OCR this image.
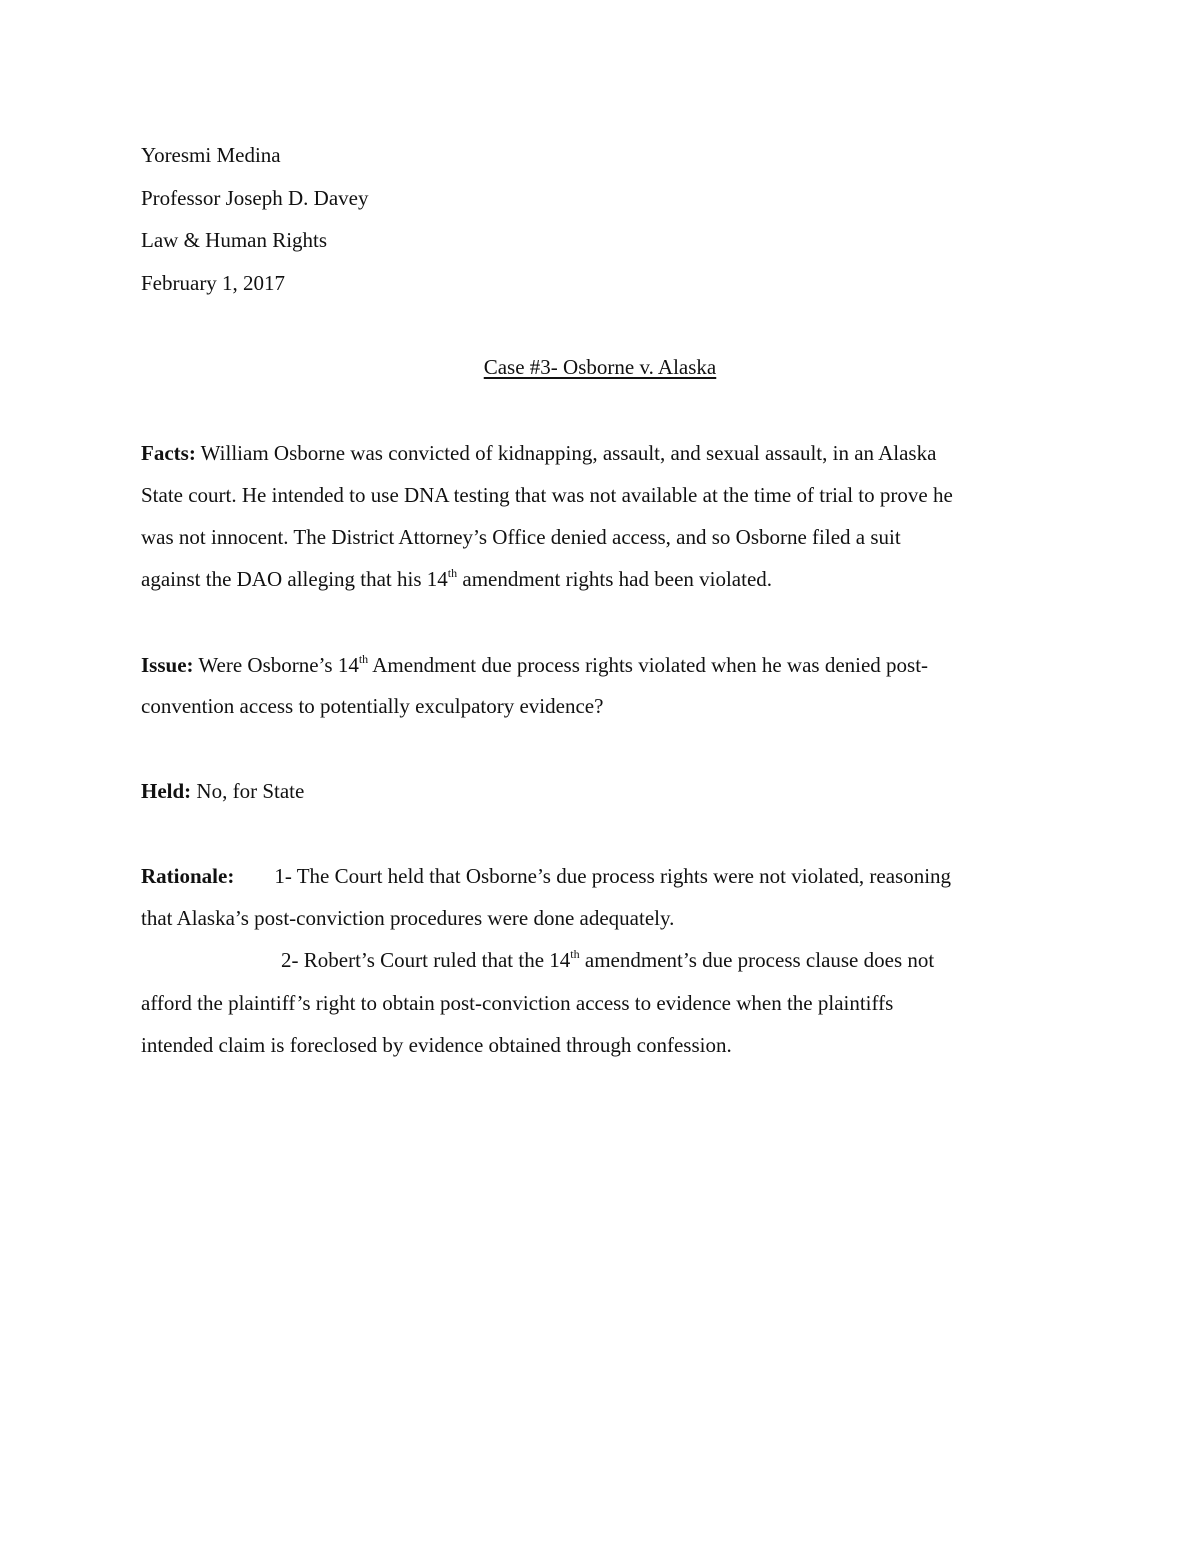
Yoresmi Medina
Professor Joseph D. Davey
Law & Human Rights
February 1, 2017
Case #3- Osborne v. Alaska
Facts: William Osborne was convicted of kidnapping, assault, and sexual assault, in an Alaska
State court. He intended to use DNA testing that was not available at the time of trial to prove he
was not innocent. The District Attorney’s Office denied access, and so Osborne filed a suit
against the DAO alleging that his 14th amendment rights had been violated.
Issue: Were Osborne’s 14th Amendment due process rights violated when he was denied post-
convention access to potentially exculpatory evidence?
Held: No, for State
Rationale: 1- The Court held that Osborne’s due process rights were not violated, reasoning
that Alaska’s post-conviction procedures were done adequately.
2- Robert’s Court ruled that the 14th amendment’s due process clause does not
afford the plaintiff’s right to obtain post-conviction access to evidence when the plaintiffs
intended claim is foreclosed by evidence obtained through confession.
